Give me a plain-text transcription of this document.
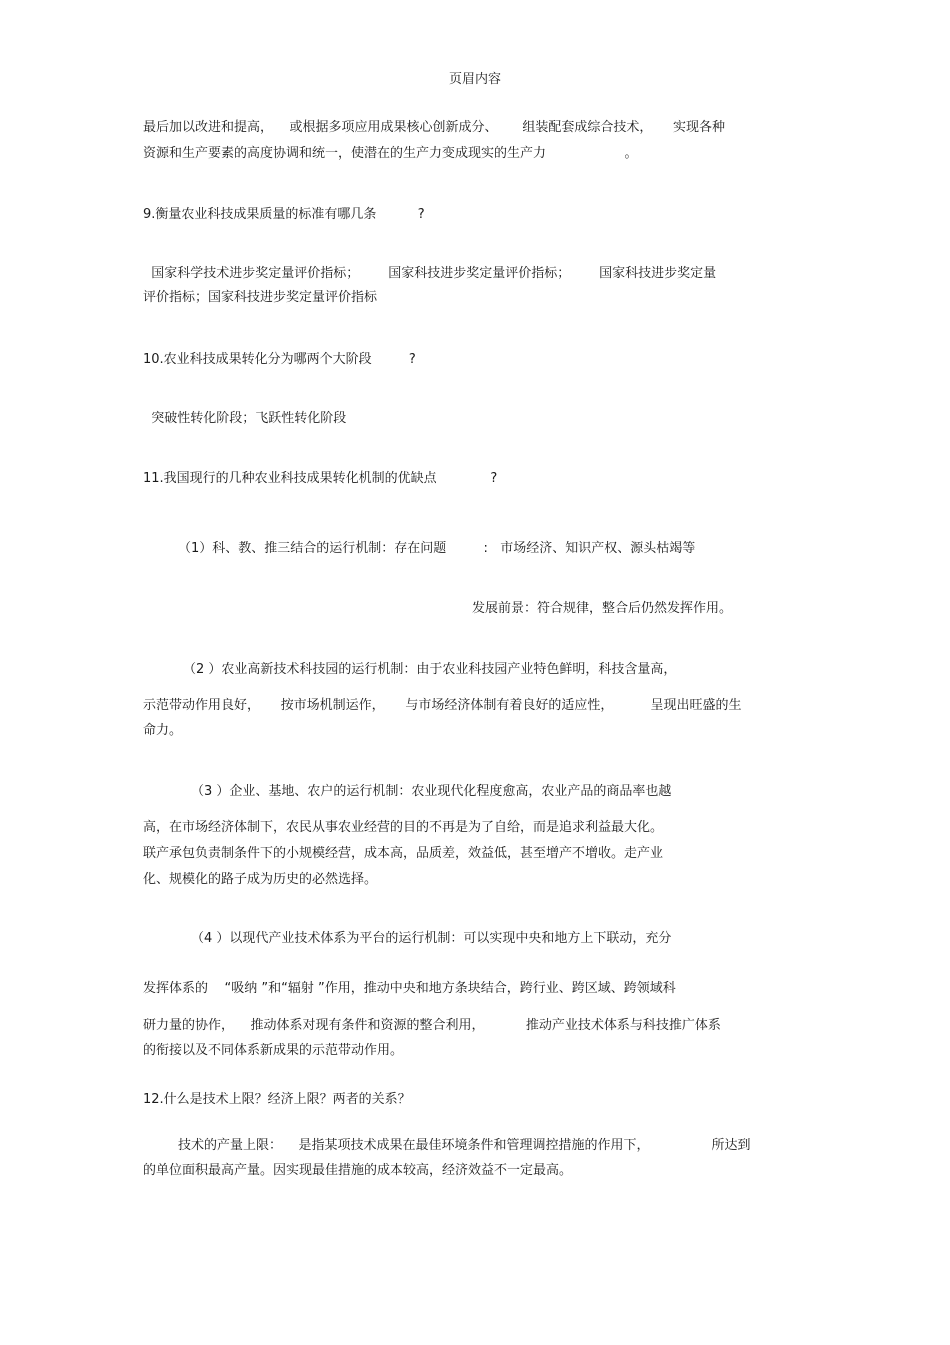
页眉内容
最后加以改进和提高，    或根据多项应用成果核心创新成分、      组装配套成综合技术，     实现各种
资源和生产要素的高度协调和统一，使潜在的生产力变成现实的生产力                   。
9.衡量农业科技成果质量的标准有哪几条          ?
国家科学技术进步奖定量评价指标；       国家科技进步奖定量评价指标；       国家科技进步奖定量
评价指标；国家科技进步奖定量评价指标
10.农业科技成果转化分为哪两个大阶段         ?
突破性转化阶段；飞跃性转化阶段
11.我国现行的几种农业科技成果转化机制的优缺点             ?
（1）科、教、推三结合的运行机制：存在问题         :   市场经济、知识产权、源头枯竭等
发展前景：符合规律，整合后仍然发挥作用。
（2 ）农业高新技术科技园的运行机制：由于农业科技园产业特色鲜明，科技含量高，
示范带动作用良好，     按市场机制运作，     与市场经济体制有着良好的适应性，         呈现出旺盛的生
命力。
（3 ）企业、基地、农户的运行机制：农业现代化程度愈高，农业产品的商品率也越
高，在市场经济体制下，农民从事农业经营的目的不再是为了自给，而是追求利益最大化。
联产承包负责制条件下的小规模经营，成本高，品质差，效益低，甚至增产不增收。走产业
化、规模化的路子成为历史的必然选择。
（4 ）以现代产业技术体系为平台的运行机制：可以实现中央和地方上下联动，充分
发挥体系的    “吸纳 ”和“辐射 ”作用，推动中央和地方条块结合，跨行业、跨区域、跨领域科
研力量的协作，    推动体系对现有条件和资源的整合利用，          推动产业技术体系与科技推广体系
的衔接以及不同体系新成果的示范带动作用。
12.什么是技术上限？经济上限？两者的关系？
技术的产量上限：    是指某项技术成果在最佳环境条件和管理调控措施的作用下，               所达到
的单位面积最高产量。因实现最佳措施的成本较高，经济效益不一定最高。
